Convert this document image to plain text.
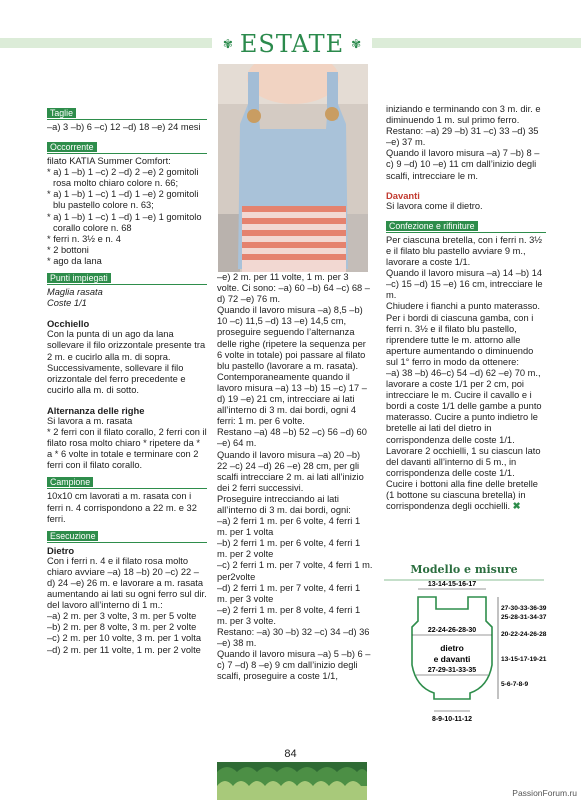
✾ ESTATE ✾
Taglie

–a) 3 –b) 6 –c) 12 –d) 18 –e) 24 mesi

Occorrente
filato KATIA Summer Comfort:
* a) 1 –b) 1 –c) 2 –d) 2 –e) 2 gomitoli
rosa molto chiaro colore n. 66;
* a) 1 –b) 1 –c) 1 –d) 1 –e) 2 gomitoli
blu pastello colore n. 63;
* a) 1 –b) 1 –c) 1 –d) 1 –e) 1 gomitolo
corallo colore n. 68
* ferri n. 3½ e n. 4
* 2 bottoni
* ago da lana
Punti impiegati

Maglia rasata

Coste 1/1

Occhiello

Con la punta di un ago da lana sollevare il filo orizzontale presente tra 2 m. e cucirlo alla m. di sopra. Successivamente, sollevare il filo orizzontale del ferro precedente e cucirlo alla m. di sotto.

Alternanza delle righe

Si lavora a m. rasata
* 2 ferri con il filato corallo, 2 ferri con il filato rosa molto chiaro * ripetere da * a * 6 volte in totale e terminare con 2 ferri con il filato corallo.

Campione

10x10 cm lavorati a m. rasata con i ferri n. 4 corrispondono a 22 m. e 32 ferri.

Esecuzione

Dietro

Con i ferri n. 4 e il filato rosa molto chiaro avviare –a) 18 –b) 20 –c) 22 –d) 24 –e) 26 m. e lavorare a m. rasata aumentando ai lati su ogni ferro sul dir. del lavoro all’interno di 1 m.:

–a) 2 m. per 3 volte, 3 m. per 5 volte

–b) 2 m. per 8 volte, 3 m. per 2 volte

–c) 2 m. per 10 volte, 3 m. per 1 volta

–d) 2 m. per 11 volte, 1 m. per 2 volte

–e) 2 m. per 11 volte, 1 m. per 3 volte. Ci sono: –a) 60 –b) 64 –c) 68 –d) 72 –e) 76 m.
Quando il lavoro misura –a) 8,5 –b) 10 –c) 11,5 –d) 13 –e) 14,5 cm, proseguire seguendo l’alternanza delle righe (ripetere la sequenza per 6 volte in totale) poi passare al filato blu pastello (lavorare a m. rasata).
Contemporaneamente quando il lavoro misura –a) 13 –b) 15 –c) 17 –d) 19 –e) 21 cm, intrecciare ai lati all’interno di 3 m. dai bordi, ogni 4 ferri: 1 m. per 6 volte.
Restano –a) 48 –b) 52 –c) 56 –d) 60 –e) 64 m.
Quando il lavoro misura –a) 20 –b) 22 –c) 24 –d) 26 –e) 28 cm, per gli scalfi intrecciare 2 m. ai lati all’inizio dei 2 ferri successivi.
Proseguire intrecciando ai lati all’interno di 3 m. dai bordi, ogni:
–a) 2 ferri 1 m. per 6 volte, 4 ferri 1 m. per 1 volta
–b) 2 ferri 1 m. per 6 volte, 4 ferri 1 m. per 2 volte
–c) 2 ferri 1 m. per 7 volte, 4 ferri 1 m. per2volte
–d) 2 ferri 1 m. per 7 volte, 4 ferri 1 m. per 3 volte
–e) 2 ferri 1 m. per 8 volte, 4 ferri 1 m. per 3 volte.
Restano: –a) 30 –b) 32 –c) 34 –d) 36 –e) 38 m.
Quando il lavoro misura –a) 5 –b) 6 –c) 7 –d) 8 –e) 9 cm dall’inizio degli scalfi, proseguire a coste 1/1,

iniziando e terminando con 3 m. dir. e diminuendo 1 m. sul primo ferro.
Restano: –a) 29 –b) 31 –c) 33 –d) 35 –e) 37 m.
Quando il lavoro misura –a) 7 –b) 8 –c) 9 –d) 10 –e) 11 cm dall’inizio degli scalfi, intrecciare le m.

Davanti

Si lavora come il dietro.

Confezione e rifiniture

Per ciascuna bretella, con i ferri n. 3½ e il filato blu pastello avviare 9 m., lavorare a coste 1/1.
Quando il lavoro misura –a) 14 –b) 14 –c) 15 –d) 15 –e) 16 cm, intrecciare le m.
Chiudere i fianchi a punto materasso.
Per i bordi di ciascuna gamba, con i ferri n. 3½ e il filato blu pastello, riprendere tutte le m. attorno alle aperture aumentando o diminuendo sul 1° ferro in modo da ottenere:
–a) 38 –b) 46–c) 54 –d) 62 –e) 70 m., lavorare a coste 1/1 per 2 cm, poi intrecciare le m. Cucire il cavallo e i bordi a coste 1/1 delle gambe a punto materasso. Cucire a punto indietro le bretelle ai lati del dietro in corrispondenza delle coste 1/1.
Lavorare 2 occhielli, 1 su ciascun lato del davanti all’interno di 5 m., in corrispondenza delle coste 1/1.
Cucire i bottoni alla fine delle bretelle (1 bottone su ciascuna bretella) in corrispondenza degli occhielli. ✖

Modello e misure
13-14-15-16-17
22-24-26-28-30
dietro
e davanti
27-29-31-33-35
8-9-10-11-12
27-30-33-36-39
25-28-31-34-37
20-22-24-26-28
13-15-17-19-21
5-6-7-8-9
84
PassionForum.ru
